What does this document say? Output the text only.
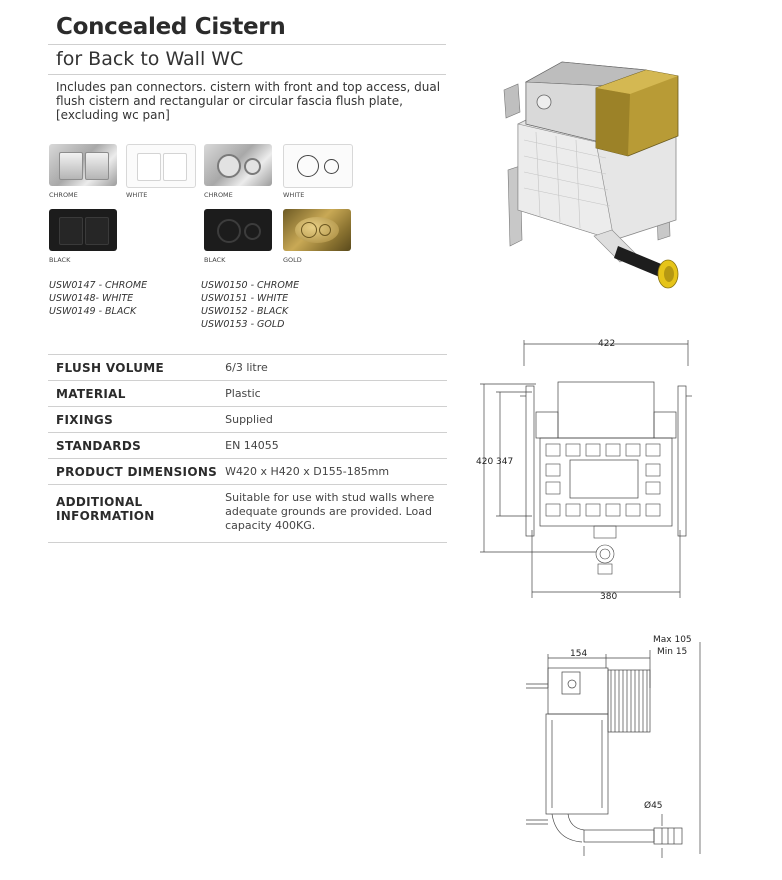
Concealed Cistern
for Back to Wall WC
Includes pan connectors. cistern with front and top access, dual flush cistern and rectangular or circular fascia flush plate, [excluding wc pan]
CHROME	WHITE
BLACK
CHROME	WHITE
BLACK	GOLD
USW0147 - CHROME
USW0148- WHITE
USW0149 - BLACK
USW0150 - CHROME
USW0151 - WHITE
USW0152 - BLACK
USW0153 - GOLD
FLUSH VOLUME	6/3 litre
MATERIAL	Plastic
FIXINGS	Supplied
STANDARDS	EN 14055
PRODUCT DIMENSIONS	W420 x H420 x D155-185mm
ADDITIONAL INFORMATION	Suitable for use with stud walls where adequate grounds are provided. Load capacity 400KG.
422
420 347
380
154
Max 105
Min 15
Ø45
